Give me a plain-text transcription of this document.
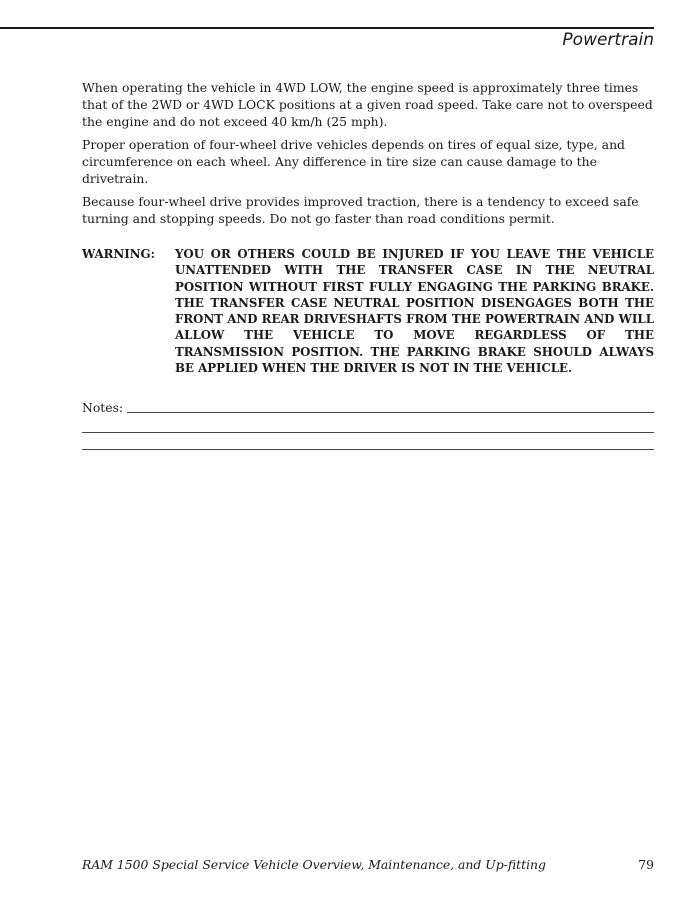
Powertrain

When operating the vehicle in 4WD LOW, the engine speed is approximately three times that of the 2WD or 4WD LOCK positions at a given road speed. Take care not to overspeed the engine and do not exceed 40 km/h (25 mph).

Proper operation of four-wheel drive vehicles depends on tires of equal size, type, and circumference on each wheel. Any difference in tire size can cause damage to the drivetrain.

Because four-wheel drive provides improved traction, there is a tendency to exceed safe turning and stopping speeds. Do not go faster than road conditions permit.

WARNING:	YOU OR OTHERS COULD BE INJURED IF YOU LEAVE THE VEHICLE UNATTENDED WITH THE TRANSFER CASE IN THE NEUTRAL POSITION WITHOUT FIRST FULLY ENGAGING THE PARKING BRAKE. THE TRANSFER CASE NEUTRAL POSITION DISENGAGES BOTH THE FRONT AND REAR DRIVESHAFTS FROM THE POWERTRAIN AND WILL ALLOW THE VEHICLE TO MOVE REGARDLESS OF THE TRANSMISSION POSITION. THE PARKING BRAKE SHOULD ALWAYS BE APPLIED WHEN THE DRIVER IS NOT IN THE VEHICLE.
Notes:
RAM 1500 Special Service Vehicle Overview, Maintenance, and Up-fitting	79
